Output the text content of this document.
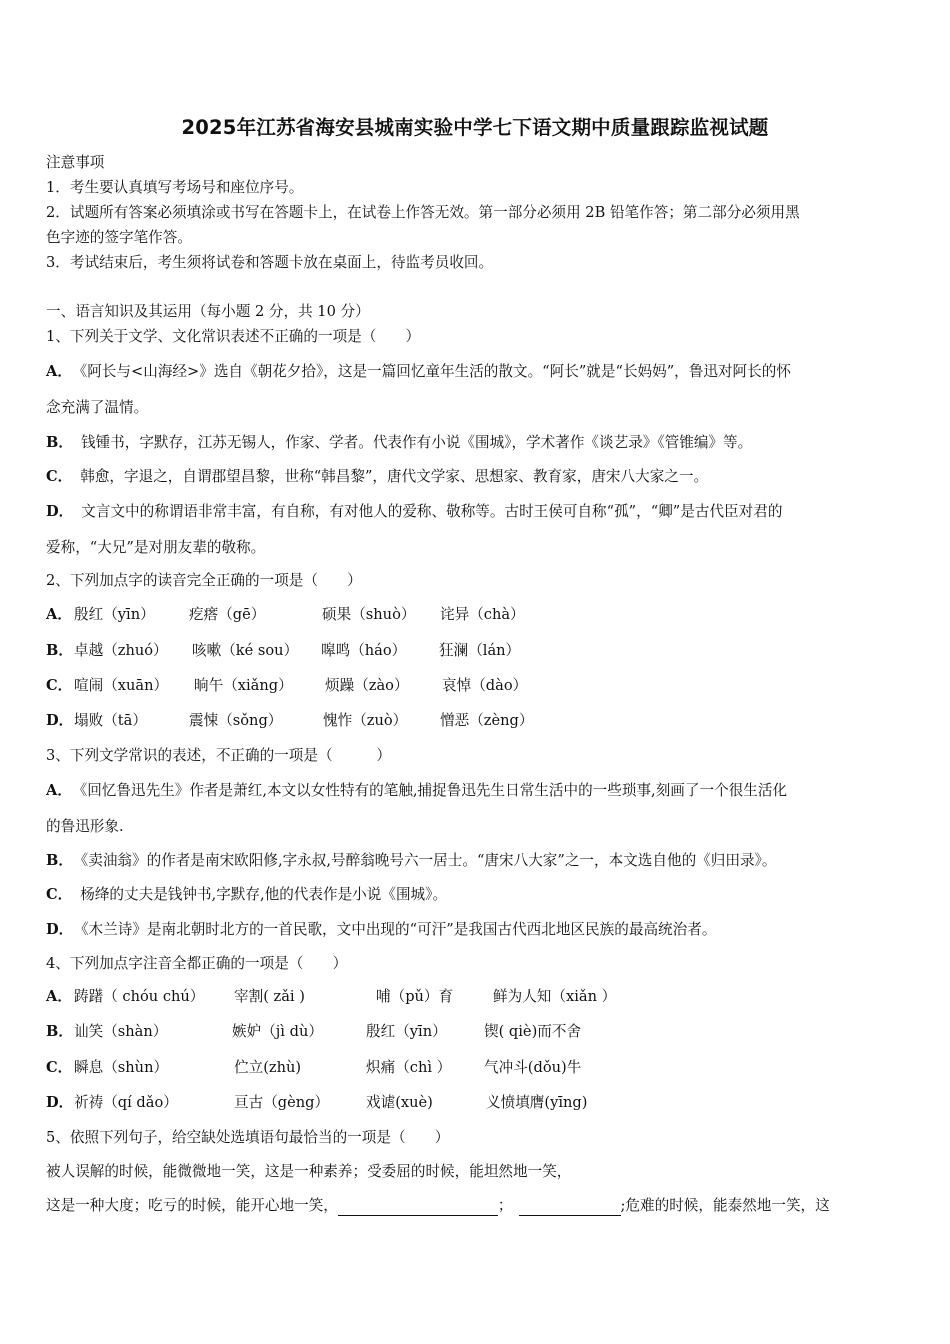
2025年江苏省海安县城南实验中学七下语文期中质量跟踪监视试题
注意事项
1．考生要认真填写考场号和座位序号。
2．试题所有答案必须填涂或书写在答题卡上，在试卷上作答无效。第一部分必须用 2B 铅笔作答；第二部分必须用黑
色字迹的签字笔作答。
3．考试结束后，考生须将试卷和答题卡放在桌面上，待监考员收回。
一、语言知识及其运用（每小题 2 分，共 10 分）
1、下列关于文学、文化常识表述不正确的一项是（　　）
A． 《阿长与<山海经>》选自《朝花夕拾》，这是一篇回忆童年生活的散文。“阿长”就是“长妈妈”，鲁迅对阿长的怀
念充满了温情。
B． 钱锺书，字默存，江苏无锡人，作家、学者。代表作有小说《围城》，学术著作《谈艺录》《管锥编》等。
C． 韩愈，字退之，自谓郡望昌黎，世称“韩昌黎”，唐代文学家、思想家、教育家，唐宋八大家之一。
D． 文言文中的称谓语非常丰富，有自称，有对他人的爱称、敬称等。古时王侯可自称“孤”，“卿”是古代臣对君的
爱称，“大兄”是对朋友辈的敬称。
2、下列加点字的读音完全正确的一项是（　　）
A． 殷红（yīn） 疙瘩（gē）	硕果（shuò） 诧异（chà）
B． 卓越（zhuó） 咳嗽（ké sou） 嗥鸣（háo） 狂澜（lán）
C． 喧闹（xuān） 晌午（xiǎng） 烦躁（zào） 哀悼（dào）
D． 塌败（tā）	震悚（sǒng）	愧怍（zuò） 憎恶（zèng）
3、下列文学常识的表述，不正确的一项是（　　　）
A． 《回忆鲁迅先生》作者是萧红,本文以女性特有的笔触,捕捉鲁迅先生日常生活中的一些琐事,刻画了一个很生活化
的鲁迅形象.
B． 《卖油翁》的作者是南宋欧阳修,字永叔,号醉翁晚号六一居士。“唐宋八大家”之一，本文选自他的《归田录》。
C． 杨绛的丈夫是钱钟书,字默存,他的代表作是小说《围城》。
D． 《木兰诗》是南北朝时北方的一首民歌，文中出现的“可汗”是我国古代西北地区民族的最高统治者。
4、下列加点字注音全都正确的一项是（　　）
A． 踌躇（ chóu chú） 宰割( zǎi )	哺（pǔ）育	鲜为人知（xiǎn ）
B． 讪笑（shàn）	嫉妒（jì dù）	殷红（yīn）	锲( qiè)而不舍
C． 瞬息（shùn）	伫立(zhù)	炽痛（chì ） 气冲斗(dǒu)牛
D． 祈祷（qí dǎo）	亘古（gèng）	戏谑(xuè)	义愤填膺(yīng)
5、依照下列句子，给空缺处选填语句最恰当的一项是（　　）
被人误解的时候，能微微地一笑，这是一种素养；受委屈的时候，能坦然地一笑，
这是一种大度；吃亏的时候，能开心地一笑，	；	;危难的时候，能泰然地一笑，这
